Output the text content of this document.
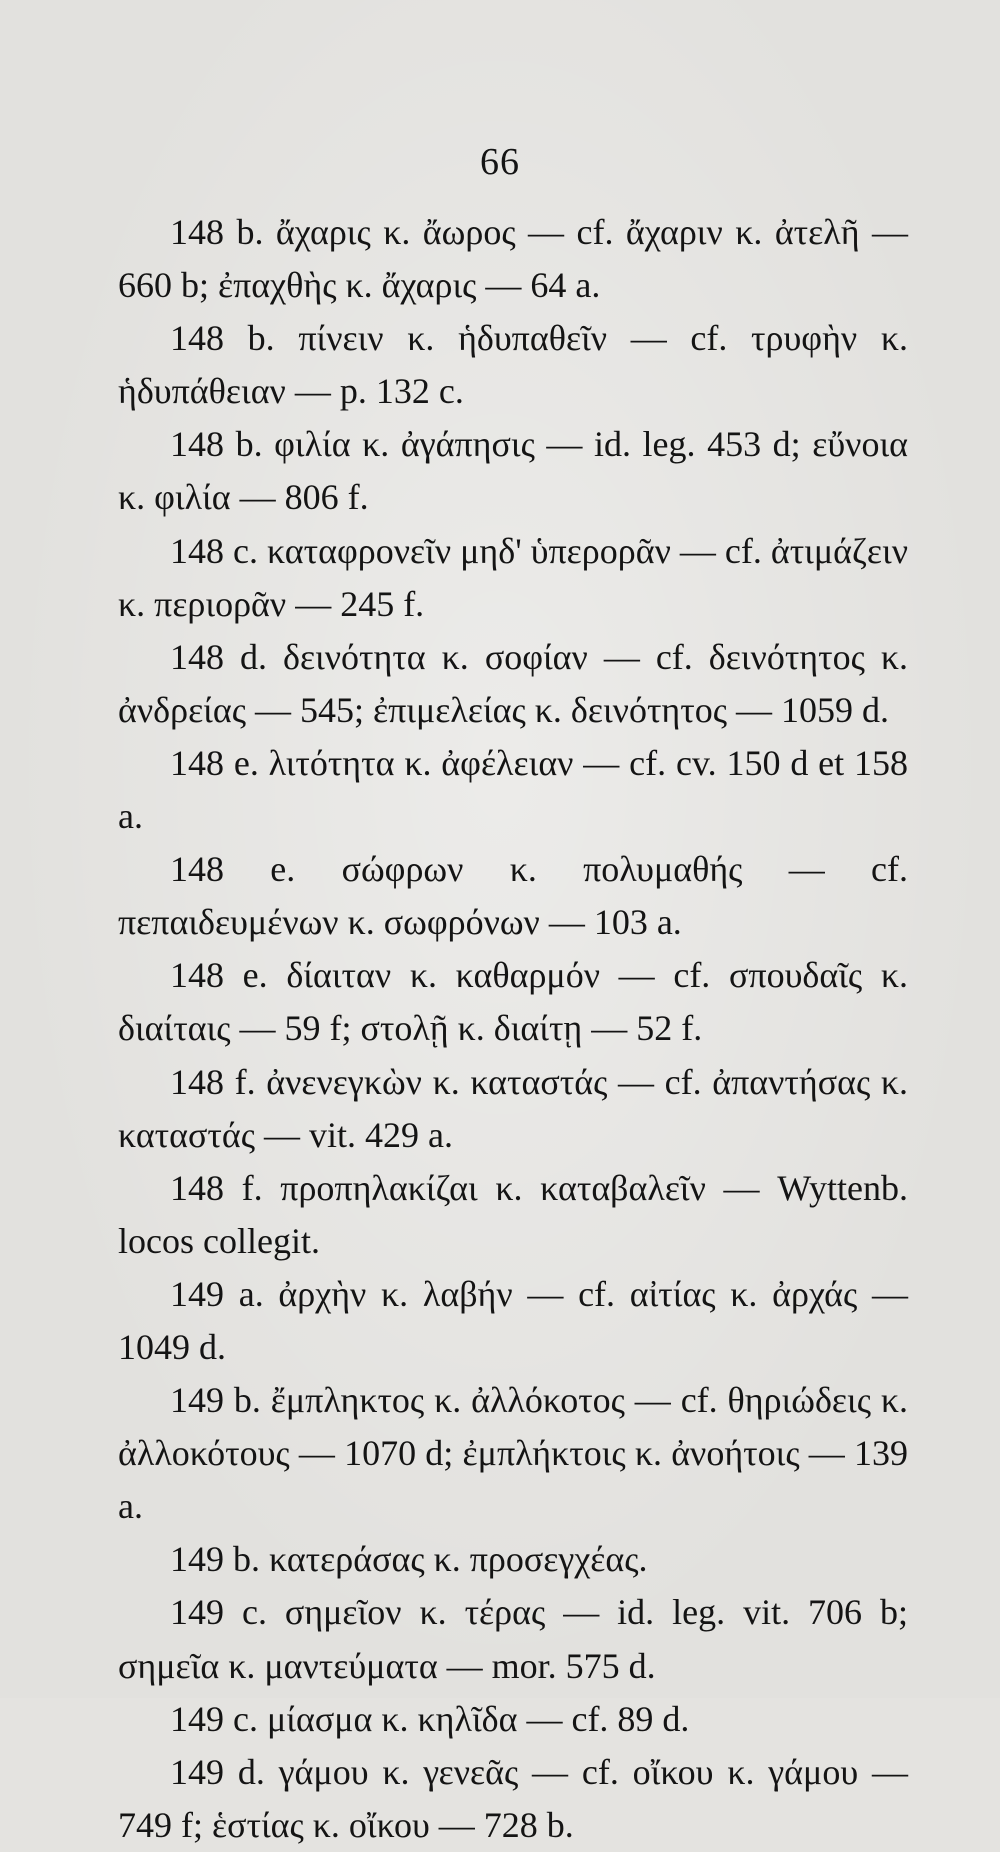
66

148 b. ἄχαρις κ. ἄωρος — cf. ἄχαριν κ. ἀτελῆ — 660 b; ἐπαχθὴς κ. ἄχαρις — 64 a.

148 b. πίνειν κ. ἡδυπαθεῖν — cf. τρυφὴν κ. ἡδυπάθειαν — p. 132 c.

148 b. φιλία κ. ἀγάπησις — id. leg. 453 d; εὔνοια κ. φιλία — 806 f.

148 c. καταφρονεῖν μηδ' ὑπερορᾶν — cf. ἀτιμάζειν κ. περιορᾶν — 245 f.

148 d. δεινότητα κ. σοφίαν — cf. δεινότητος κ. ἀνδρείας — 545; ἐπιμελείας κ. δεινότητος — 1059 d.

148 e. λιτότητα κ. ἀφέλειαν — cf. cv. 150 d et 158 a.

148 e. σώφρων κ. πολυμαθής — cf. πεπαιδευμένων κ. σωφρόνων — 103 a.

148 e. δίαιταν κ. καθαρμόν — cf. σπουδαῖς κ. διαίταις — 59 f; στολῇ κ. διαίτῃ — 52 f.

148 f. ἀνενεγκὼν κ. καταστάς — cf. ἀπαντήσας κ. καταστάς — vit. 429 a.

148 f. προπηλακίζαι κ. καταβαλεῖν — Wyttenb. locos collegit.

149 a. ἀρχὴν κ. λαβήν — cf. αἰτίας κ. ἀρχάς — 1049 d.

149 b. ἔμπληκτος κ. ἀλλόκοτος — cf. θηριώδεις κ. ἀλλοκότους — 1070 d; ἐμπλήκτοις κ. ἀνοήτοις — 139 a.

149 b. κατεράσας κ. προσεγχέας.

149 c. σημεῖον κ. τέρας — id. leg. vit. 706 b; σημεῖα κ. μαντεύματα — mor. 575 d.

149 c. μίασμα κ. κηλῖδα — cf. 89 d.

149 d. γάμου κ. γενεᾶς — cf. οἴκου κ. γάμου — 749 f; ἑστίας κ. οἴκου — 728 b.
